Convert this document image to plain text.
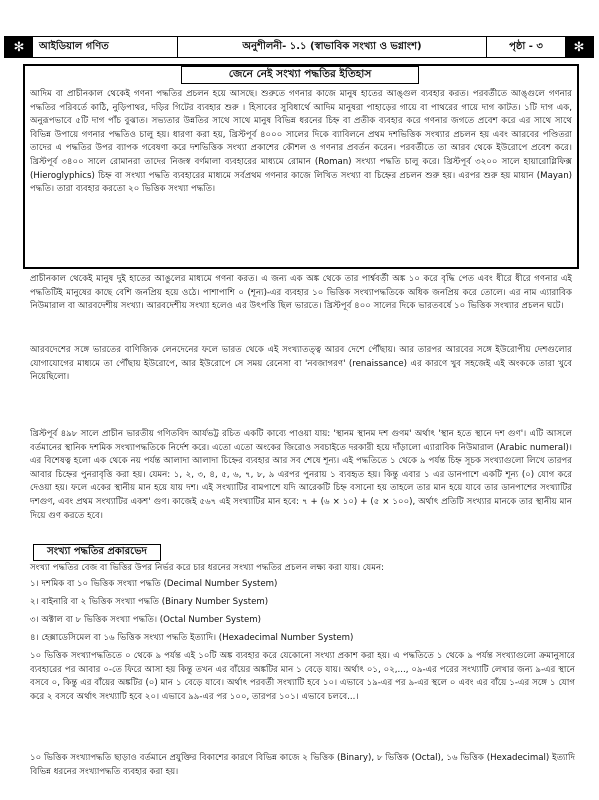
✻	আইডিয়াল গণিত	অনুশীলনী- ১.১ (স্বাভাবিক সংখ্যা ও ভগ্নাংশ)	পৃষ্ঠা - ৩	✻
জেনে নেই সংখ্যা পদ্ধতির ইতিহাস

আদিম বা প্রাচীনকাল থেকেই গণনা পদ্ধতির প্রচলন হয়ে আসছে। শুরুতে গণনার কাজে মানুষ হাতের আঙ্গুল ব্যবহার করত। পরবর্তীতে আঙ্গুলে গণনার পদ্ধতির পরিবর্তে কাঠি, নুড়িপাথর, দড়ির গিটের ব্যবহার শুরু । হিসাবের সুবিধার্থে আদিম মানুষরা পাহাড়ের গায়ে বা পাথরের গায়ে দাগ কাটত। ১টি দাগ এক, অনুরূপভাবে ৫টি দাগ পাঁচ বুঝাত। সভ্যতার উন্নতির সাথে সাথে মানুষ বিভিন্ন ধরনের চিহ্ন বা প্রতীক ব্যবহার করে গণনার জগতে প্রবেশ করে এর সাথে সাথে বিভিন্ন উপায়ে গণনার পদ্ধতিও চালু হয়। ধারণা করা হয়, খ্রিস্টপূর্ব ৪০০০ সালের দিকে ব্যাবিলনে প্রথম দশভিত্তিক সংখ্যার প্রচলন হয় এবং আরবের পণ্ডিতরা তাদের এ পদ্ধতির উপর ব্যাপক গবেষণা করে দশভিত্তিক সংখ্যা প্রকাশের কৌশল ও গণনার প্রবর্তন করেন। পরবর্তীতে তা আরব থেকে ইউরোপে প্রবেশ করে। খ্রিস্টপূর্ব ৩৪০০ সালে রোমানরা তাদের নিজস্ব বর্ণমালা ব্যবহারের মাধ্যমে রোমান (Roman) সংখ্যা পদ্ধতি চালু করে। খ্রিস্টপূর্ব ৩২০০ সালে হায়ারোগ্লিফিক্স (Hieroglyphics) চিহ্ন বা সংখ্যা পদ্ধতি ব্যবহারের মাধ্যমে সর্বপ্রথম গণনার কাজে লিখিত সংখ্যা বা চিহ্নের প্রচলন শুরু হয়। এরপর শুরু হয় মায়ান (Mayan) পদ্ধতি। তারা ব্যবহার করতো ২০ ভিত্তিক সংখ্যা পদ্ধতি।

প্রাচীনকাল থেকেই মানুষ দুই হাতের আঙুলের মাধ্যমে গণনা করত। এ জন্য এক অঙ্ক থেকে তার পার্শ্ববর্তী অঙ্ক ১০ করে বৃদ্ধি পেত এবং ধীরে ধীরে গণনার এই পদ্ধতিটিই মানুষের কাছে বেশি জনপ্রিয় হয়ে ওঠে। পাশাপাশি ০ (শূন্য)-এর ব্যবহার ১০ ভিত্তিক সংখ্যাপদ্ধতিকে অধিক জনপ্রিয় করে তোলে। এর নাম এ্যারাবিক নিউমারাল বা আরবদেশীয় সংখ্যা। আরবদেশীয় সংখ্যা হলেও এর উৎপত্তি ছিল ভারতে। খ্রিস্টপূর্ব ৪০০ সালের দিকে ভারতবর্ষে ১০ ভিত্তিক সংখ্যার প্রচলন ঘটে।

আরবদেশের সঙ্গে ভারতের বাণিজ্যিক লেনদেনের ফলে ভারত থেকে এই সংখ্যাতত্ত্ব আরব দেশে পৌঁছায়। আর তারপর আরবের সঙ্গে ইউরোপীয় দেশগুলোর যোগাযোগের মাধ্যমে তা পৌঁছায় ইউরোপে, আর ইউরোপে সে সময় রেনেসা বা 'নবজাগরণ' (renaissance) এর কারণে খুব সহজেই এই অংককে তারা খুবে নিয়েছিলো।

খ্রিস্টপূর্ব ৪৯৮ সালে প্রাচীন ভারতীয় গণিতবিদ আর্যভট্ট রচিত একটি কাব্যে পাওয়া যায়: 'স্থানম স্থানম দশ গুণম' অর্থাৎ 'স্থান হতে স্থানে দশ গুণ'। এটি আসলে বর্তমানের স্থানিক দশমিক সংখ্যাপদ্ধতিকে নির্দেশ করে। এতো এতো অংকের জিরোও সবচাইতে দরকারী হয়ে দাঁড়ালো এ্যারাবিক নিউমারাল (Arabic numeral)। এর বিশেষত্ব হলো এক থেকে নয় পর্যন্ত আলাদা আলাদা চিহ্নের ব্যবহার আর সব শেষে শূন্য। এই পদ্ধতিতে ১ থেকে ৯ পর্যন্ত চিহ্ন সূচক সংখ্যাগুলো লিখে তারপর আবার চিহ্নের পুনরাবৃত্তি করা হয়। যেমন: ১, ২, ৩, ৪, ৫, ৬, ৭, ৮, ৯ এরপর পুনরায় ১ ব্যবহৃত হয়। কিন্তু এবার ১ এর ডানপাশে একটি শূন্য (০) যোগ করে দেওয়া হয়। ফলে একের স্থানীয় মান হয়ে যায় দশ। এই সংখ্যাটির বামপাশে যদি আরেকটি চিহ্ন বসানো হয় তাহলে তার মান হয়ে যাবে তার ডানপাশের সংখ্যাটির দশগুণ, এবং প্রথম সংখ্যাটির একশ' গুণ। কাজেই ৫৬৭ এই সংখ্যাটির মান হবে: ৭ + (৬ × ১০) + (৫ × ১০০), অর্থাৎ প্রতিটি সংখ্যার মানকে তার স্থানীয় মান দিয়ে গুণ করতে হবে।

সংখ্যা পদ্ধতির প্রকারভেদ

সংখ্যা পদ্ধতির বেজ বা ভিত্তির উপর নির্ভর করে চার ধরনের সংখ্যা পদ্ধতির প্রচলন লক্ষ্য করা যায়। যেমন:

১। দশমিক বা ১০ ভিত্তিক সংখ্যা পদ্ধতি (Decimal Number System)

২। বাইনারি বা ২ ভিত্তিক সংখ্যা পদ্ধতি (Binary Number System)

৩। অক্টাল বা ৮ ভিত্তিক সংখ্যা পদ্ধতি। (Octal Number System)

৪। হেক্সাডেসিমেল বা ১৬ ভিত্তিক সংখ্যা পদ্ধতি ইত্যাদি। (Hexadecimal Number System)

১০ ভিত্তিক সংখ্যাপদ্ধতিতে ০ থেকে ৯ পর্যন্ত এই ১০টি অঙ্ক ব্যবহার করে যেকোনো সংখ্যা প্রকাশ করা হয়। এ পদ্ধতিতে ১ থেকে ৯ পর্যন্ত সংখ্যাগুলো ক্রমানুসারে ব্যবহারের পর আবার ০-তে ফিরে আসা হয় কিন্তু তখন এর বাঁয়ের অঙ্কটির মান ১ বেড়ে যায়। অর্থাৎ ০১, ০২,..., ০৯-এর পরের সংখ্যাটি লেখার জন্য ৯-এর স্থানে বসবে ০, কিন্তু এর বাঁয়ের অঙ্কটির (০) মান ১ বেড়ে যাবে। অর্থাৎ পরবর্তী সংখ্যাটি হবে ১০। এভাবে ১৯-এর পর ৯-এর স্থলে ০ এবং এর বাঁয়ে ১-এর সঙ্গে ১ যোগ করে ২ বসবে অর্থাৎ সংখ্যাটি হবে ২০। এভাবে ৯৯-এর পর ১০০, তারপর ১০১। এভাবে চলবে...।

১০ ভিত্তিক সংখ্যাপদ্ধতি ছাড়াও বর্তমানে প্রযুক্তির বিকাশের কারণে বিভিন্ন কাজে ২ ভিত্তিক (Binary), ৮ ভিত্তিক (Octal), ১৬ ভিত্তিক (Hexadecimal) ইত্যাদি বিভিন্ন ধরনের সংখ্যাপদ্ধতি ব্যবহার করা হয়।
